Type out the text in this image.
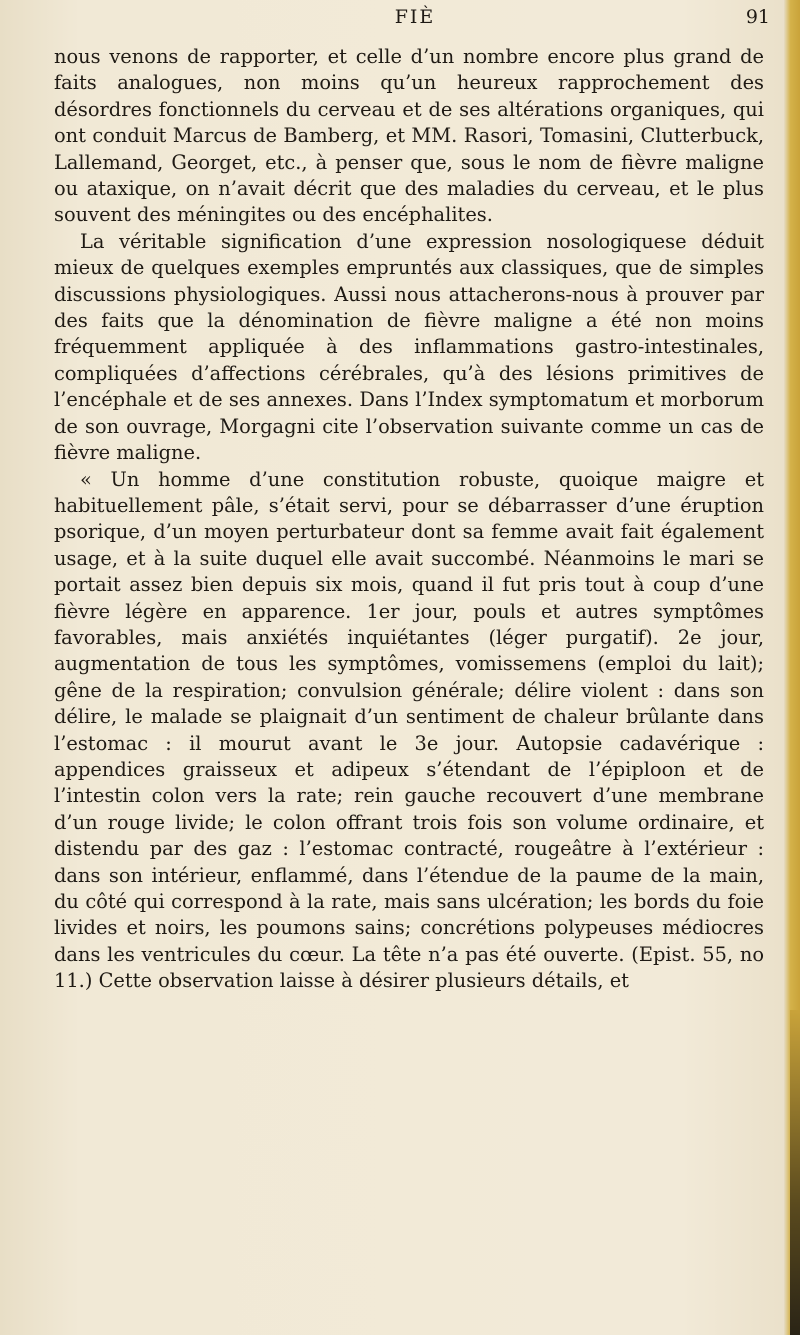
FIÈ	91

nous venons de rapporter, et celle d’un nombre encore plus grand de faits analogues, non moins qu’un heureux rapprochement des désordres fonctionnels du cerveau et de ses altérations organiques, qui ont conduit Marcus de Bamberg, et MM. Rasori, Tomasini, Clutterbuck, Lallemand, Georget, etc., à penser que, sous le nom de fièvre maligne ou ataxique, on n’avait décrit que des maladies du cerveau, et le plus souvent des méningites ou des encéphalites.

La véritable signification d’une expression nosologiquese déduit mieux de quelques exemples empruntés aux classiques, que de simples discussions physiologiques. Aussi nous attacherons-nous à prouver par des faits que la dénomination de fièvre maligne a été non moins fréquemment appliquée à des inflammations gastro-intestinales, compliquées d’affections cérébrales, qu’à des lésions primitives de l’encéphale et de ses annexes. Dans l’Index symptomatum et morborum de son ouvrage, Morgagni cite l’observation suivante comme un cas de fièvre maligne.

« Un homme d’une constitution robuste, quoique maigre et habituellement pâle, s’était servi, pour se débarrasser d’une éruption psorique, d’un moyen perturbateur dont sa femme avait fait également usage, et à la suite duquel elle avait succombé. Néanmoins le mari se portait assez bien depuis six mois, quand il fut pris tout à coup d’une fièvre légère en apparence. 1er jour, pouls et autres symptômes favorables, mais anxiétés inquiétantes (léger purgatif). 2e jour, augmentation de tous les symptômes, vomissemens (emploi du lait); gêne de la respiration; convulsion générale; délire violent : dans son délire, le malade se plaignait d’un sentiment de chaleur brûlante dans l’estomac : il mourut avant le 3e jour. Autopsie cadavérique : appendices graisseux et adipeux s’étendant de l’épiploon et de l’intestin colon vers la rate; rein gauche recouvert d’une membrane d’un rouge livide; le colon offrant trois fois son volume ordinaire, et distendu par des gaz : l’estomac contracté, rougeâtre à l’extérieur : dans son intérieur, enflammé, dans l’étendue de la paume de la main, du côté qui correspond à la rate, mais sans ulcération; les bords du foie livides et noirs, les poumons sains; concrétions polypeuses médiocres dans les ventricules du cœur. La tête n’a pas été ouverte. (Epist. 55, no 11.) Cette observation laisse à désirer plusieurs détails, et
